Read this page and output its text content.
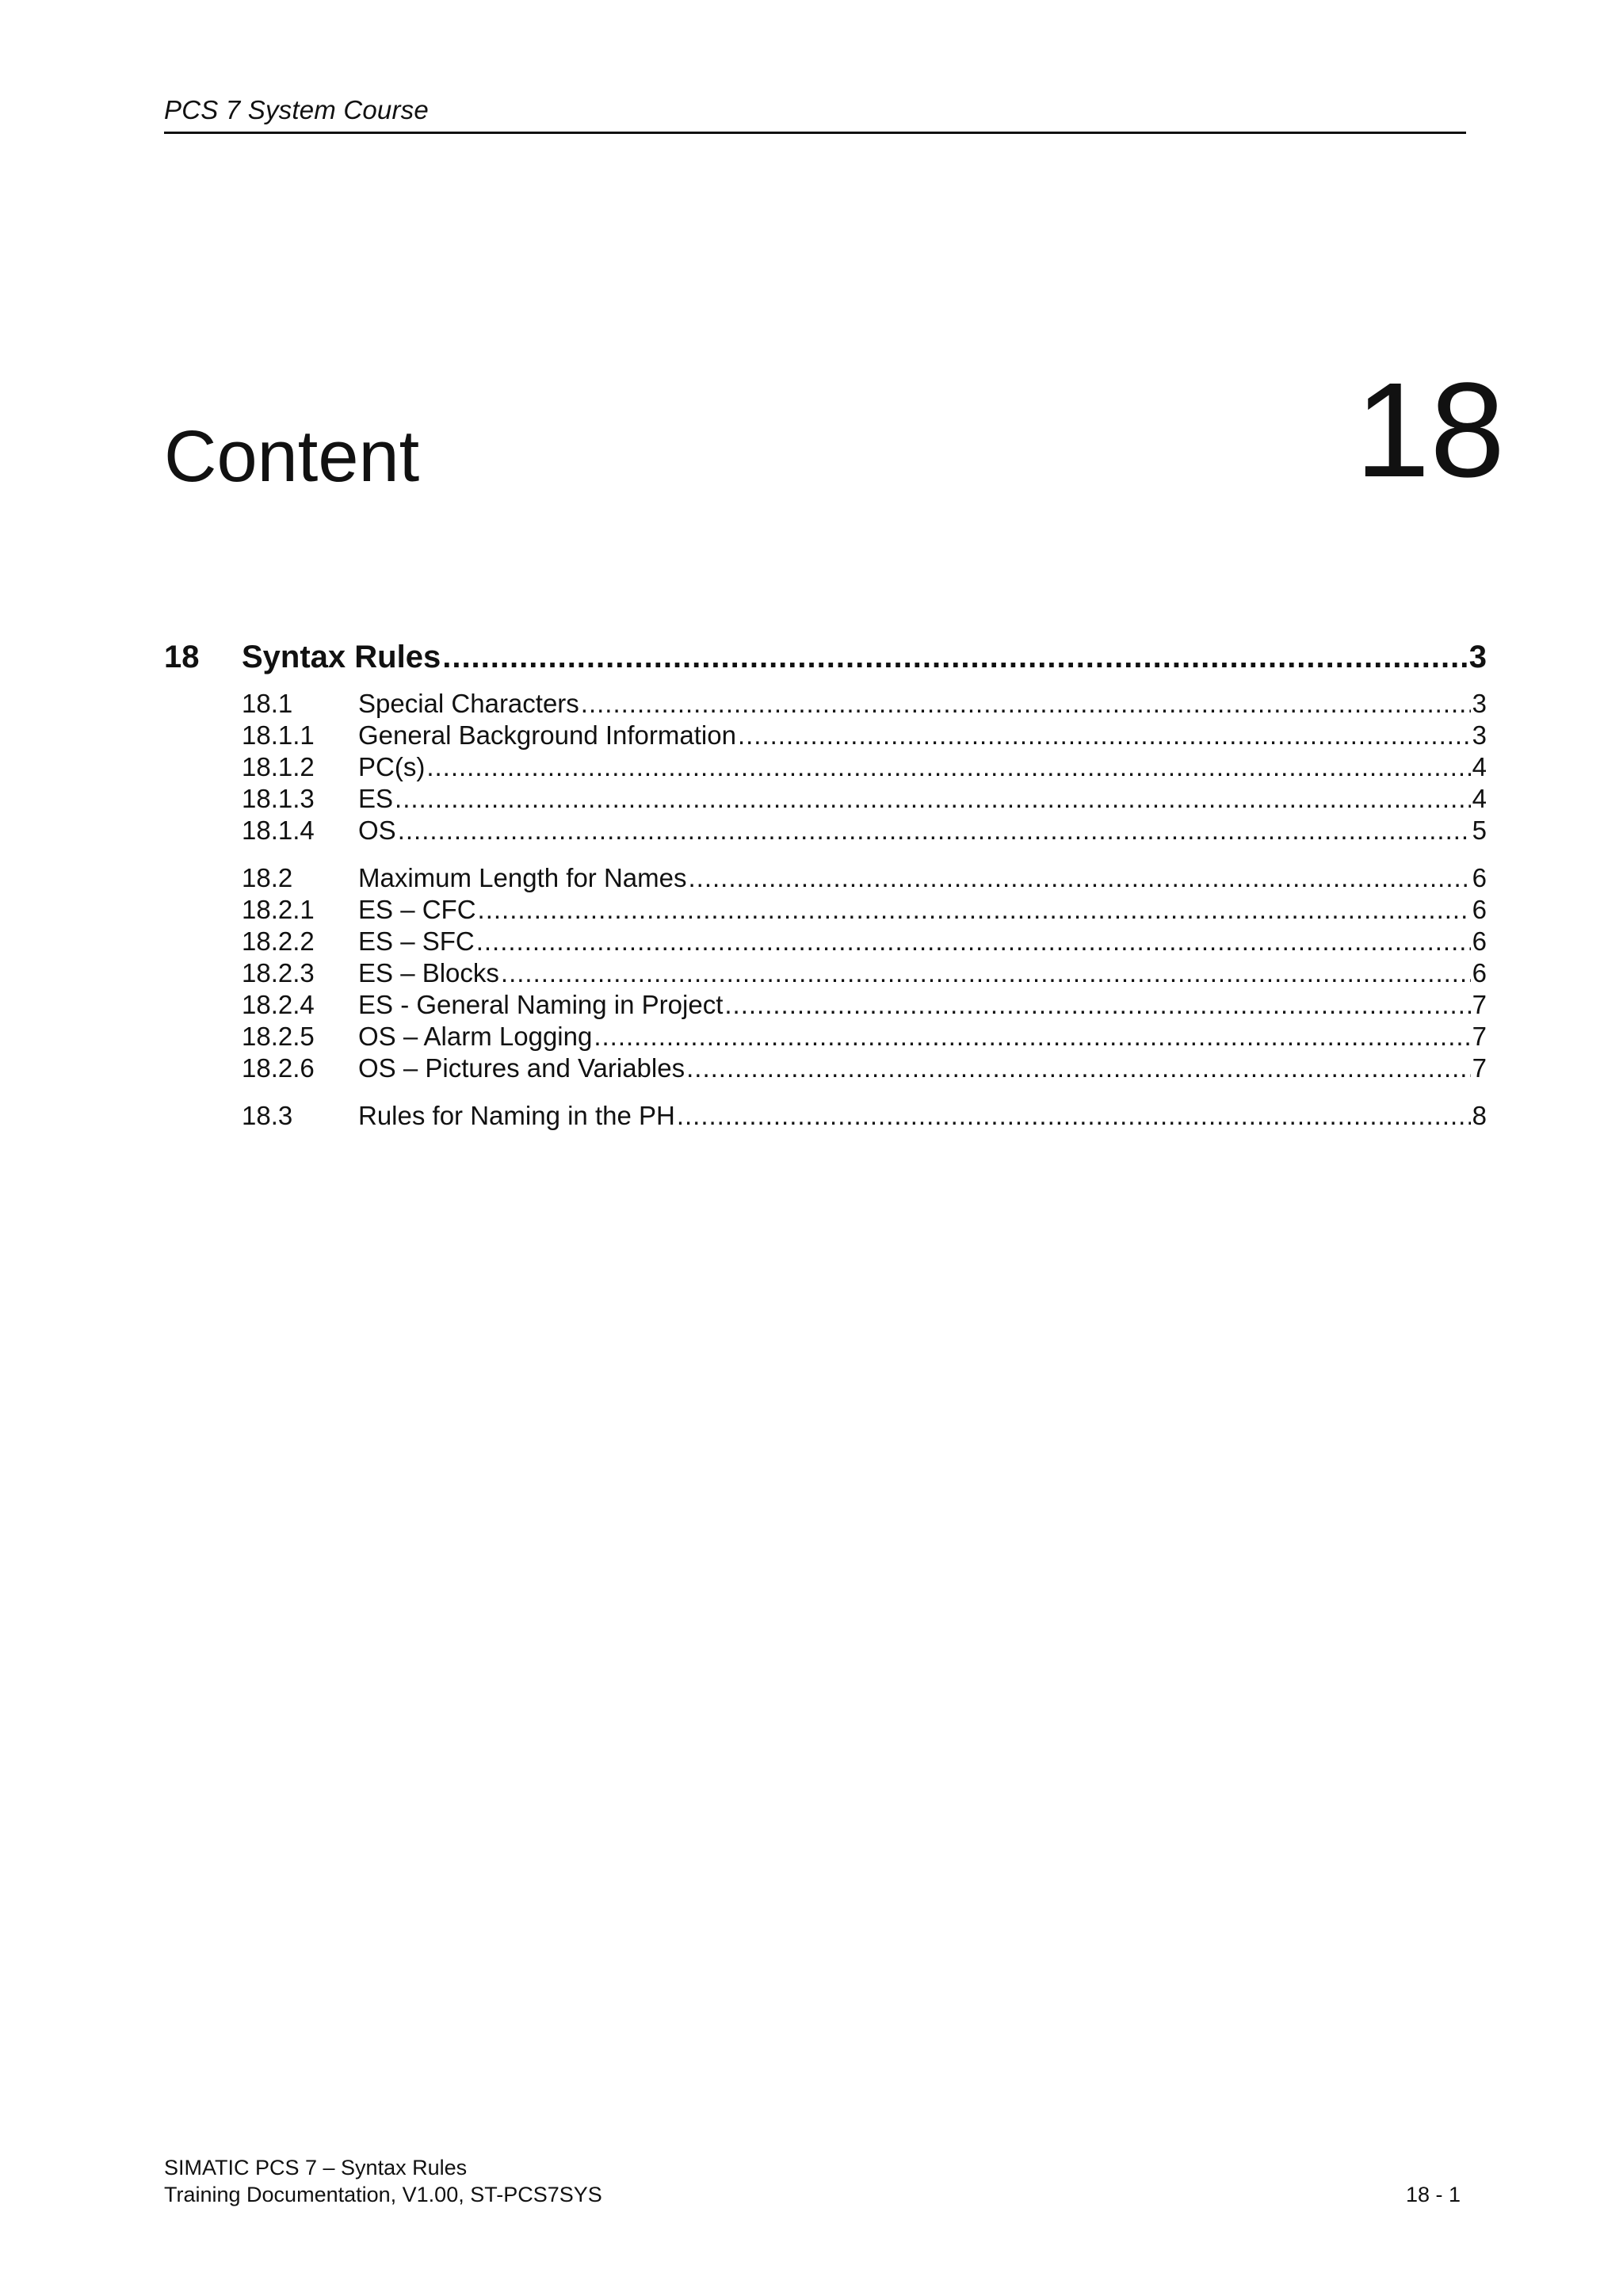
PCS 7 System Course
Content	18
18 Syntax Rules .....	3
18.1	Special Characters .....	3
18.1.1 General Background Information .....	3
18.1.2 PC(s) .....	4
18.1.3 ES .....	4
18.1.4 OS .....	5
18.2	Maximum Length for Names .....	6
18.2.1 ES – CFC .....	6
18.2.2 ES – SFC .....	6
18.2.3 ES – Blocks .....	6
18.2.4 ES - General Naming in Project .....	7
18.2.5 OS – Alarm Logging .....	7
18.2.6 OS – Pictures and Variables .....	7
18.3	Rules for Naming in the PH .....	8
SIMATIC PCS 7 – Syntax Rules
Training Documentation, V1.00, ST-PCS7SYS	18 - 1
